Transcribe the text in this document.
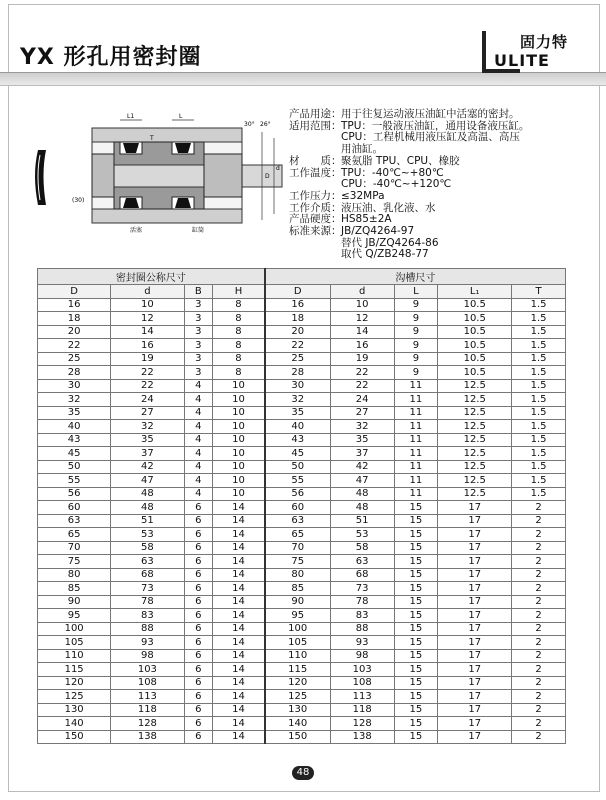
YX 形孔用密封圈
固力特
ULITE
L1	L
T
D
30° 26°
(30)
活塞	缸筒
d
产品用途： 用于往复运动液压油缸中活塞的密封。
适用范围： TPU：一般液压油缸，通用设备液压缸。
CPU：工程机械用液压缸及高温、高压
用油缸。
材　　质： 聚氨脂 TPU、CPU、橡胶
工作温度： TPU：-40℃~+80℃
CPU：-40℃~+120℃
工作压力： ≤32MPa
工作介质： 液压油、乳化液、水
产品硬度： HS85±2A
标准来源： JB/ZQ4264-97
替代 JB/ZQ4264-86
取代 Q/ZB248-77
密封圈公称尺寸				沟槽尺寸				
D	d	B	H	D	d	L	L₁	T
16	10	3	8	16	10	9	10.5	1.5
18	12	3	8	18	12	9	10.5	1.5
20	14	3	8	20	14	9	10.5	1.5
22	16	3	8	22	16	9	10.5	1.5
25	19	3	8	25	19	9	10.5	1.5
28	22	3	8	28	22	9	10.5	1.5
30	22	4	10	30	22	11	12.5	1.5
32	24	4	10	32	24	11	12.5	1.5
35	27	4	10	35	27	11	12.5	1.5
40	32	4	10	40	32	11	12.5	1.5
43	35	4	10	43	35	11	12.5	1.5
45	37	4	10	45	37	11	12.5	1.5
50	42	4	10	50	42	11	12.5	1.5
55	47	4	10	55	47	11	12.5	1.5
56	48	4	10	56	48	11	12.5	1.5
60	48	6	14	60	48	15	17	2
63	51	6	14	63	51	15	17	2
65	53	6	14	65	53	15	17	2
70	58	6	14	70	58	15	17	2
75	63	6	14	75	63	15	17	2
80	68	6	14	80	68	15	17	2
85	73	6	14	85	73	15	17	2
90	78	6	14	90	78	15	17	2
95	83	6	14	95	83	15	17	2
100	88	6	14	100	88	15	17	2
105	93	6	14	105	93	15	17	2
110	98	6	14	110	98	15	17	2
115	103	6	14	115	103	15	17	2
120	108	6	14	120	108	15	17	2
125	113	6	14	125	113	15	17	2
130	118	6	14	130	118	15	17	2
140	128	6	14	140	128	15	17	2
150	138	6	14	150	138	15	17	2
48
